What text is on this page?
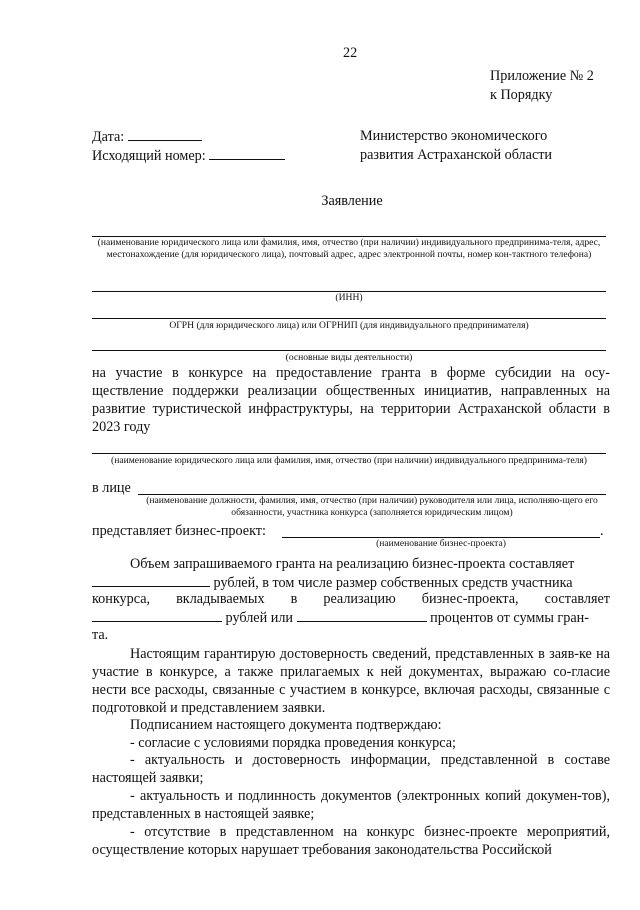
22
Приложение № 2
к Порядку
Дата:
Исходящий номер:
Министерство экономического
развития Астраханской области
Заявление
(наименование юридического лица или фамилия, имя, отчество (при наличии) индивидуального предпринима-теля, адрес, местонахождение (для юридического лица), почтовый адрес, адрес электронной почты, номер кон-тактного телефона)
(ИНН)
ОГРН (для юридического лица) или ОГРНИП (для индивидуального предпринимателя)
(основные виды деятельности)
на участие в конкурсе на предоставление гранта в форме субсидии на осу-ществление поддержки реализации общественных инициатив, направленных на развитие туристической инфраструктуры, на территории Астраханской области в 2023 году
(наименование юридического лица или фамилия, имя, отчество (при наличии) индивидуального предпринима-теля)
в лице
(наименование должности, фамилия, имя, отчество (при наличии) руководителя или лица, исполняю-щего его обязанности, участника конкурса (заполняется юридическим лицом)
представляет бизнес-проект:	.
(наименование бизнес-проекта)
Объем запрашиваемого гранта на реализацию бизнес-проекта составляет
рублей, в том числе размер собственных средств участника
конкурса, вкладываемых в реализацию бизнес-проекта, составляет
рублей или	процентов от суммы гран-
та.
Настоящим гарантирую достоверность сведений, представленных в заяв-ке на участие в конкурсе, а также прилагаемых к ней документах, выражаю со-гласие нести все расходы, связанные с участием в конкурсе, включая расходы, связанные с подготовкой и представлением заявки.
Подписанием настоящего документа подтверждаю:
- согласие с условиями порядка проведения конкурса;
- актуальность и достоверность информации, представленной в составе настоящей заявки;
- актуальность и подлинность документов (электронных копий докумен-тов), представленных в настоящей заявке;
- отсутствие в представленном на конкурс бизнес-проекте мероприятий, осуществление которых нарушает требования законодательства Российской
